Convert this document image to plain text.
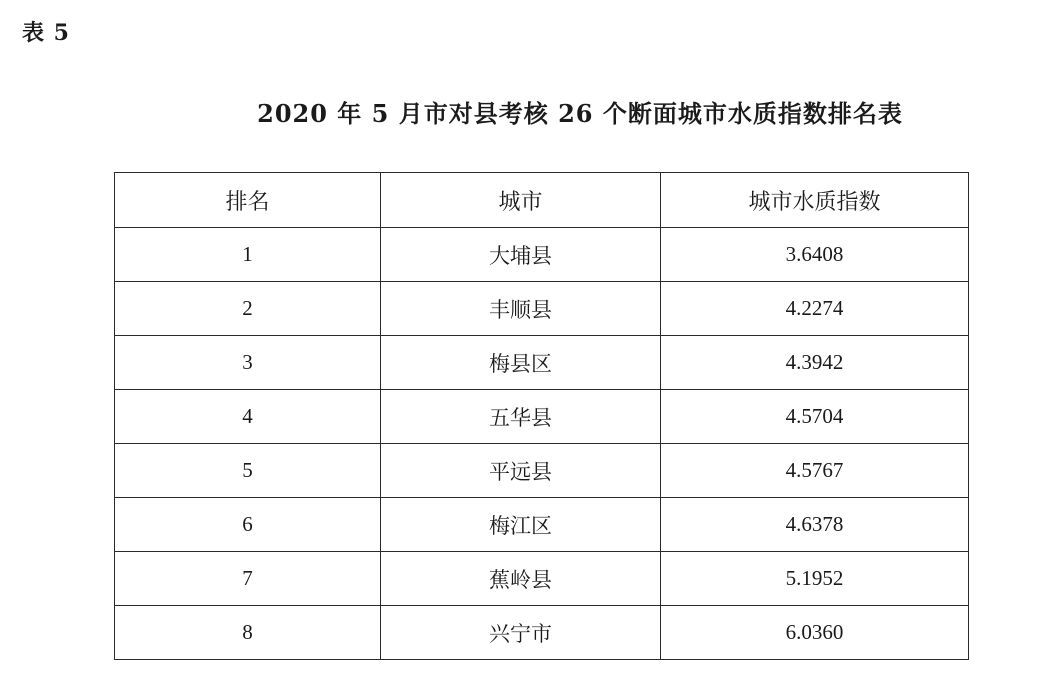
表 5
2020 年 5 月市对县考核 26 个断面城市水质指数排名表
排名	城市	城市水质指数
1	大埔县	3.6408
2	丰顺县	4.2274
3	梅县区	4.3942
4	五华县	4.5704
5	平远县	4.5767
6	梅江区	4.6378
7	蕉岭县	5.1952
8	兴宁市	6.0360
